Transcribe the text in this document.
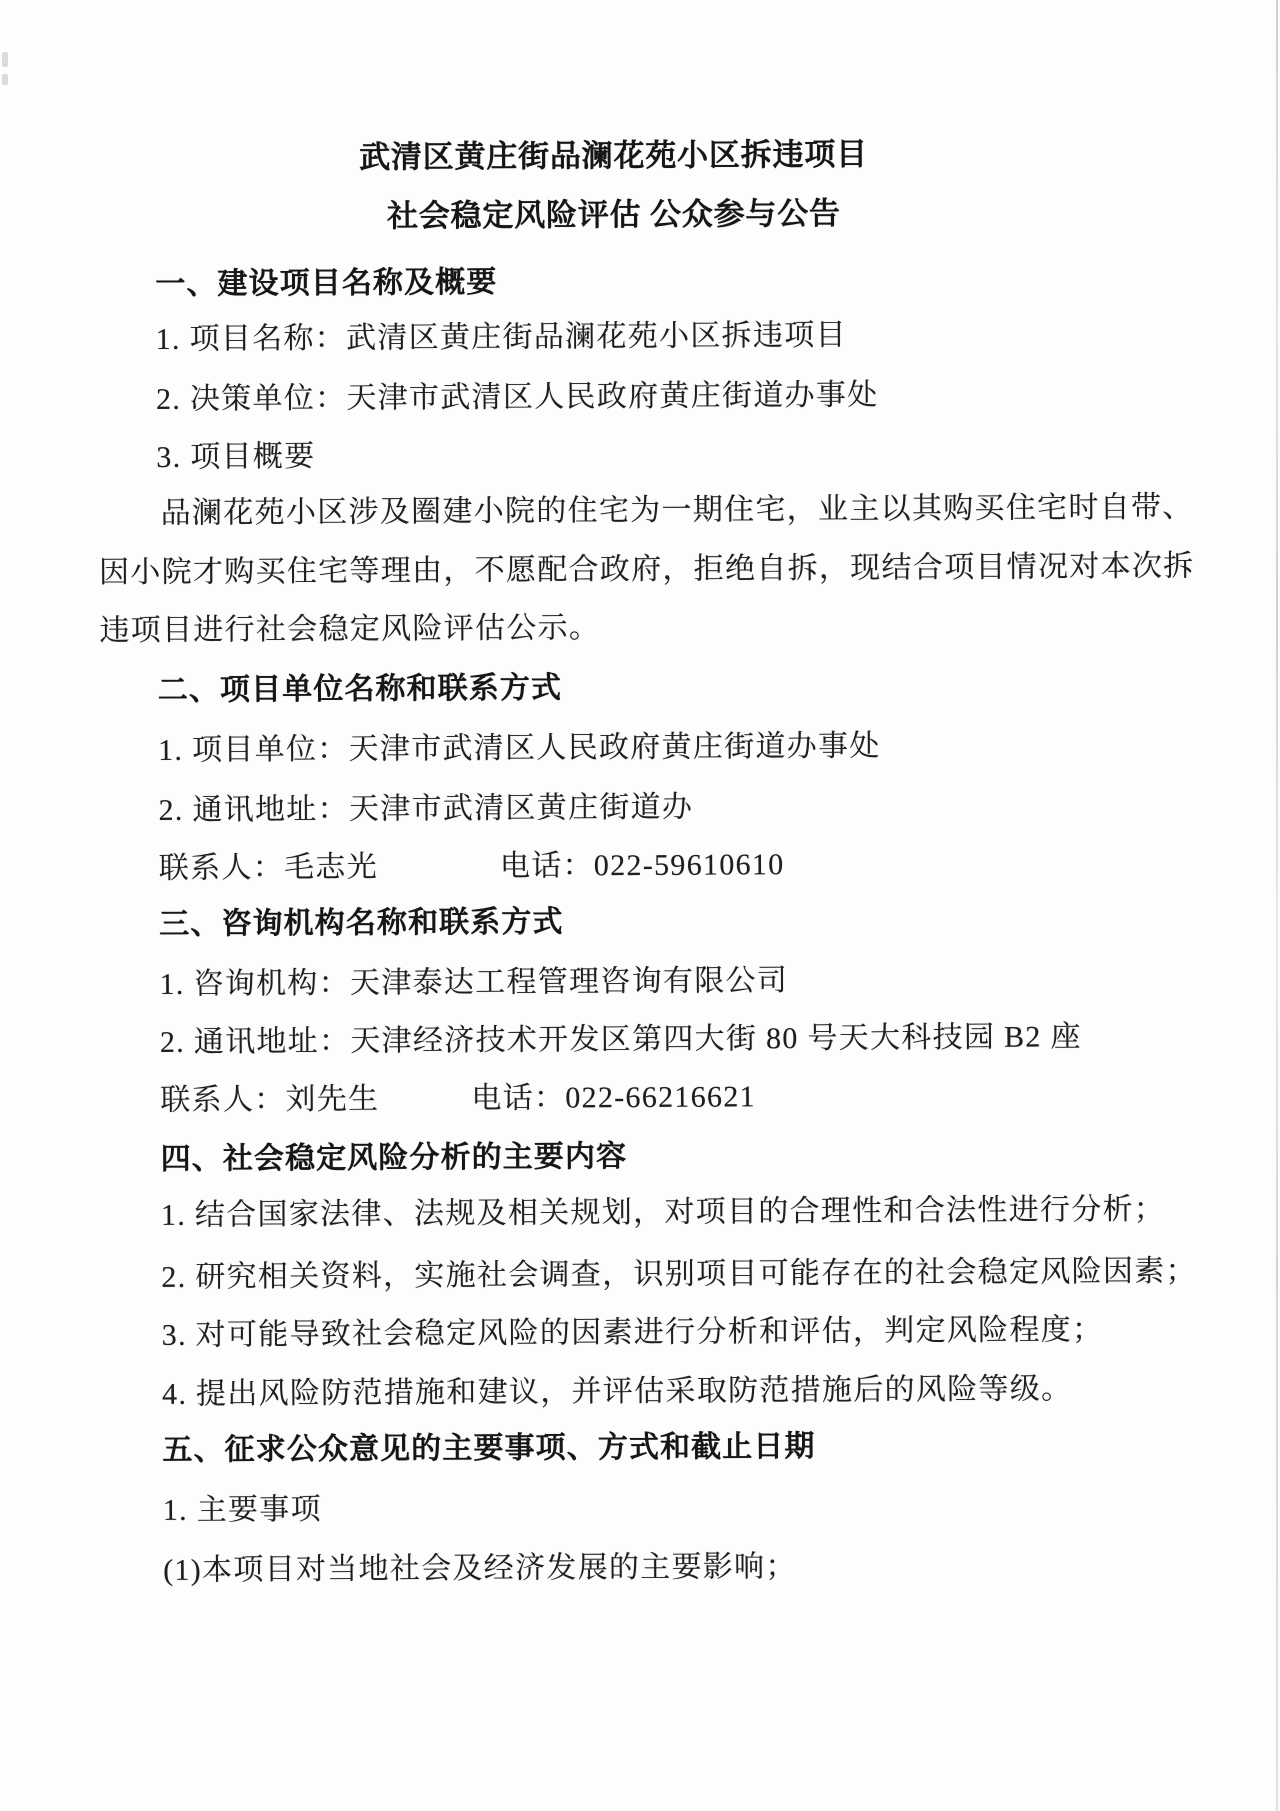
武清区黄庄街品澜花苑小区拆违项目
社会稳定风险评估 公众参与公告
一、建设项目名称及概要
1. 项目名称：武清区黄庄街品澜花苑小区拆违项目
2. 决策单位：天津市武清区人民政府黄庄街道办事处
3. 项目概要
品澜花苑小区涉及圈建小院的住宅为一期住宅，业主以其购买住宅时自带、
因小院才购买住宅等理由，不愿配合政府，拒绝自拆，现结合项目情况对本次拆
违项目进行社会稳定风险评估公示。
二、项目单位名称和联系方式
1. 项目单位：天津市武清区人民政府黄庄街道办事处
2. 通讯地址：天津市武清区黄庄街道办
联系人：毛志光	电话：022-59610610
三、咨询机构名称和联系方式
1. 咨询机构：天津泰达工程管理咨询有限公司
2. 通讯地址：天津经济技术开发区第四大街 80 号天大科技园 B2 座
联系人：刘先生	电话：022-66216621
四、社会稳定风险分析的主要内容
1. 结合国家法律、法规及相关规划，对项目的合理性和合法性进行分析；
2. 研究相关资料，实施社会调查，识别项目可能存在的社会稳定风险因素；
3. 对可能导致社会稳定风险的因素进行分析和评估，判定风险程度；
4. 提出风险防范措施和建议，并评估采取防范措施后的风险等级。
五、征求公众意见的主要事项、方式和截止日期
1. 主要事项
(1)本项目对当地社会及经济发展的主要影响；
